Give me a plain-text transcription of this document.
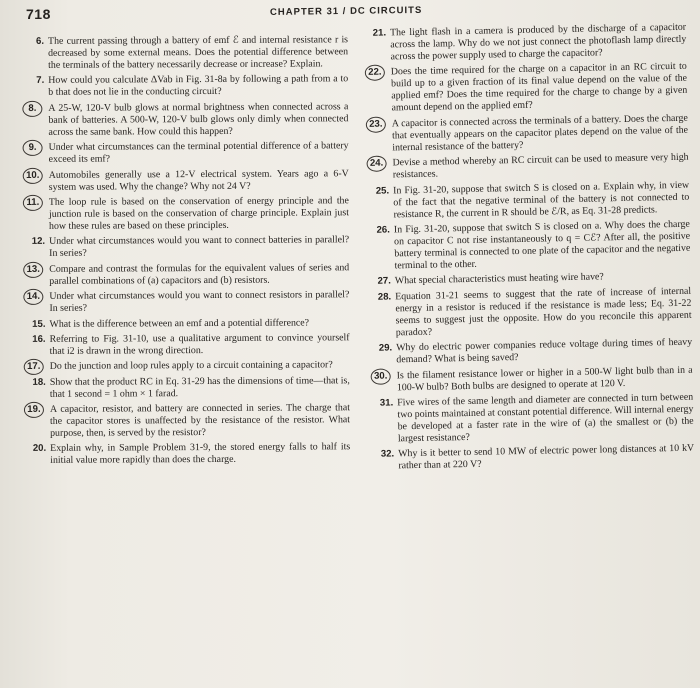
718	CHAPTER 31 / DC CIRCUITS
6. The current passing through a battery of emf ℰ and internal resistance r is decreased by some external means. Does the potential difference between the terminals of the battery necessarily decrease or increase? Explain.
7. How could you calculate ΔVab in Fig. 31-8a by following a path from a to b that does not lie in the conducting circuit?
8.	A 25-W, 120-V bulb glows at normal brightness when connected across a bank of batteries. A 500-W, 120-V bulb glows only dimly when connected across the same bank. How could this happen?
9.	Under what circumstances can the terminal potential difference of a battery exceed its emf?
10. Automobiles generally use a 12-V electrical system. Years ago a 6-V system was used. Why the change? Why not 24 V?
11. The loop rule is based on the conservation of energy principle and the junction rule is based on the conservation of charge principle. Explain just how these rules are based on these principles.
12. Under what circumstances would you want to connect batteries in parallel? In series?
13. Compare and contrast the formulas for the equivalent values of series and parallel combinations of (a) capacitors and (b) resistors.
14. Under what circumstances would you want to connect resistors in parallel? In series?
15. What is the difference between an emf and a potential difference?
16. Referring to Fig. 31-10, use a qualitative argument to convince yourself that i2 is drawn in the wrong direction.
17. Do the junction and loop rules apply to a circuit containing a capacitor?
18. Show that the product RC in Eq. 31-29 has the dimensions of time—that is, that 1 second = 1 ohm × 1 farad.
19. A capacitor, resistor, and battery are connected in series. The charge that the capacitor stores is unaffected by the resistance of the resistor. What purpose, then, is served by the resistor?
20. Explain why, in Sample Problem 31-9, the stored energy falls to half its initial value more rapidly than does the charge.
21. The light flash in a camera is produced by the discharge of a capacitor across the lamp. Why do we not just connect the photoflash lamp directly across the power supply used to charge the capacitor?
22. Does the time required for the charge on a capacitor in an RC circuit to build up to a given fraction of its final value depend on the value of the applied emf? Does the time required for the charge to change by a given amount depend on the applied emf?
23. A capacitor is connected across the terminals of a battery. Does the charge that eventually appears on the capacitor plates depend on the value of the internal resistance of the battery?
24. Devise a method whereby an RC circuit can be used to measure very high resistances.
25. In Fig. 31-20, suppose that switch S is closed on a. Explain why, in view of the fact that the negative terminal of the battery is not connected to resistance R, the current in R should be ℰ/R, as Eq. 31-28 predicts.
26. In Fig. 31-20, suppose that switch S is closed on a. Why does the charge on capacitor C not rise instantaneously to q = Cℰ? After all, the positive battery terminal is connected to one plate of the capacitor and the negative terminal to the other.
27. What special characteristics must heating wire have?
28. Equation 31-21 seems to suggest that the rate of increase of internal energy in a resistor is reduced if the resistance is made less; Eq. 31-22 seems to suggest just the opposite. How do you reconcile this apparent paradox?
29. Why do electric power companies reduce voltage during times of heavy demand? What is being saved?
30. Is the filament resistance lower or higher in a 500-W light bulb than in a 100-W bulb? Both bulbs are designed to operate at 120 V.
31. Five wires of the same length and diameter are connected in turn between two points maintained at constant potential difference. Will internal energy be developed at a faster rate in the wire of (a) the smallest or (b) the largest resistance?
32. Why is it better to send 10 MW of electric power long distances at 10 kV rather than at 220 V?
